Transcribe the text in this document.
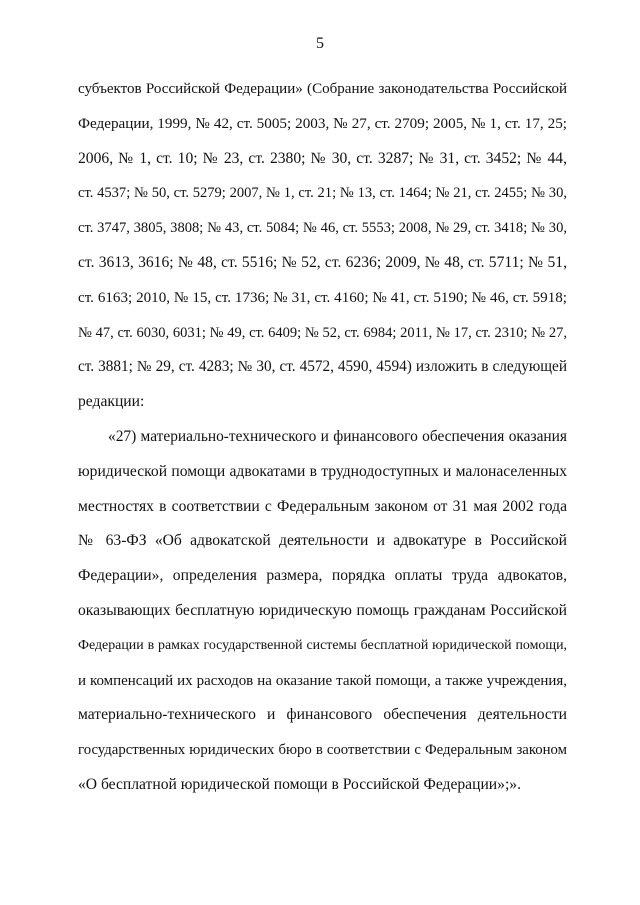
5
субъектов Российской Федерации» (Собрание законодательства Российской
Федерации, 1999, № 42, ст. 5005; 2003, № 27, ст. 2709; 2005, № 1, ст. 17, 25;
2006, № 1, ст. 10; № 23, ст. 2380; № 30, ст. 3287; № 31, ст. 3452; № 44,
ст. 4537; № 50, ст. 5279; 2007, № 1, ст. 21; № 13, ст. 1464; № 21, ст. 2455; № 30,
ст. 3747, 3805, 3808; № 43, ст. 5084; № 46, ст. 5553; 2008, № 29, ст. 3418; № 30,
ст. 3613, 3616; № 48, ст. 5516; № 52, ст. 6236; 2009, № 48, ст. 5711; № 51,
ст. 6163; 2010, № 15, ст. 1736; № 31, ст. 4160; № 41, ст. 5190; № 46, ст. 5918;
№ 47, ст. 6030, 6031; № 49, ст. 6409; № 52, ст. 6984; 2011, № 17, ст. 2310; № 27,
ст. 3881; № 29, ст. 4283; № 30, ст. 4572, 4590, 4594) изложить в следующей
редакции:
«27) материально-технического и финансового обеспечения оказания
юридической помощи адвокатами в труднодоступных и малонаселенных
местностях в соответствии с Федеральным законом от 31 мая 2002 года
№ 63-ФЗ «Об адвокатской деятельности и адвокатуре в Российской
Федерации», определения размера, порядка оплаты труда адвокатов,
оказывающих бесплатную юридическую помощь гражданам Российской
Федерации в рамках государственной системы бесплатной юридической помощи,
и компенсаций их расходов на оказание такой помощи, а также учреждения,
материально-технического и финансового обеспечения деятельности
государственных юридических бюро в соответствии с Федеральным законом
«О бесплатной юридической помощи в Российской Федерации»;».
